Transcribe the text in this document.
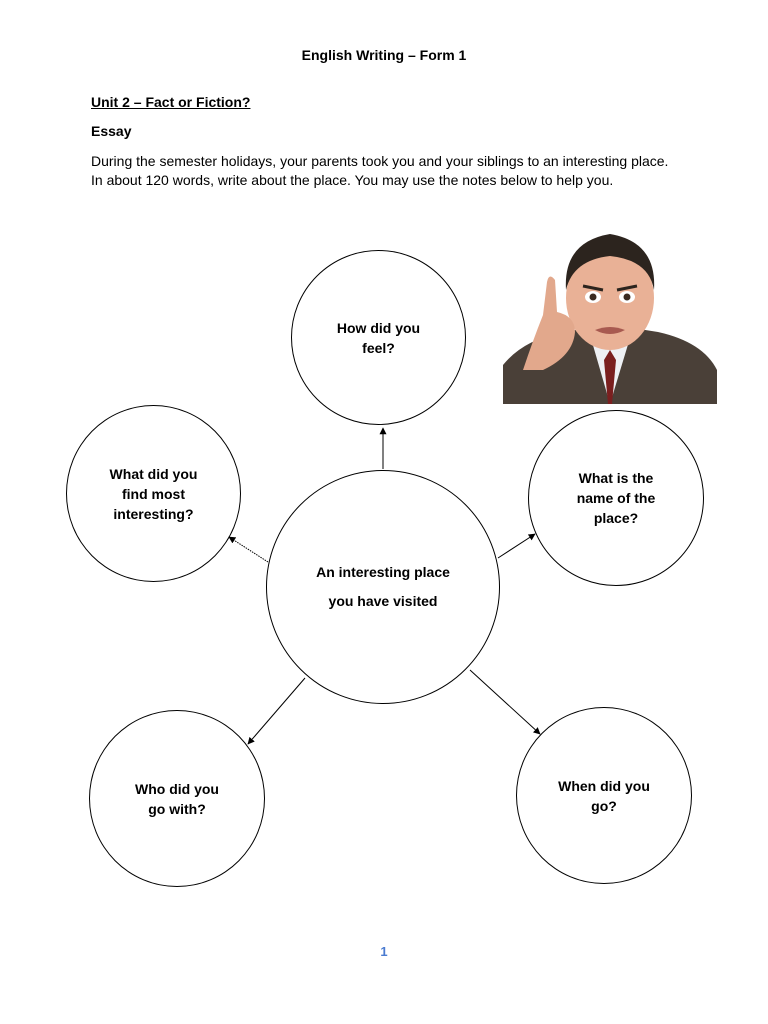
English Writing – Form 1
Unit 2 – Fact or Fiction?
Essay
During the semester holidays, your parents took you and your siblings to an interesting place. In about 120 words, write about the place. You may use the notes below to help you.
An interesting place
you have visited
How did you
feel?
What did you
find most
interesting?
What is the
name of the
place?
Who did you
go with?
When did you
go?
1
